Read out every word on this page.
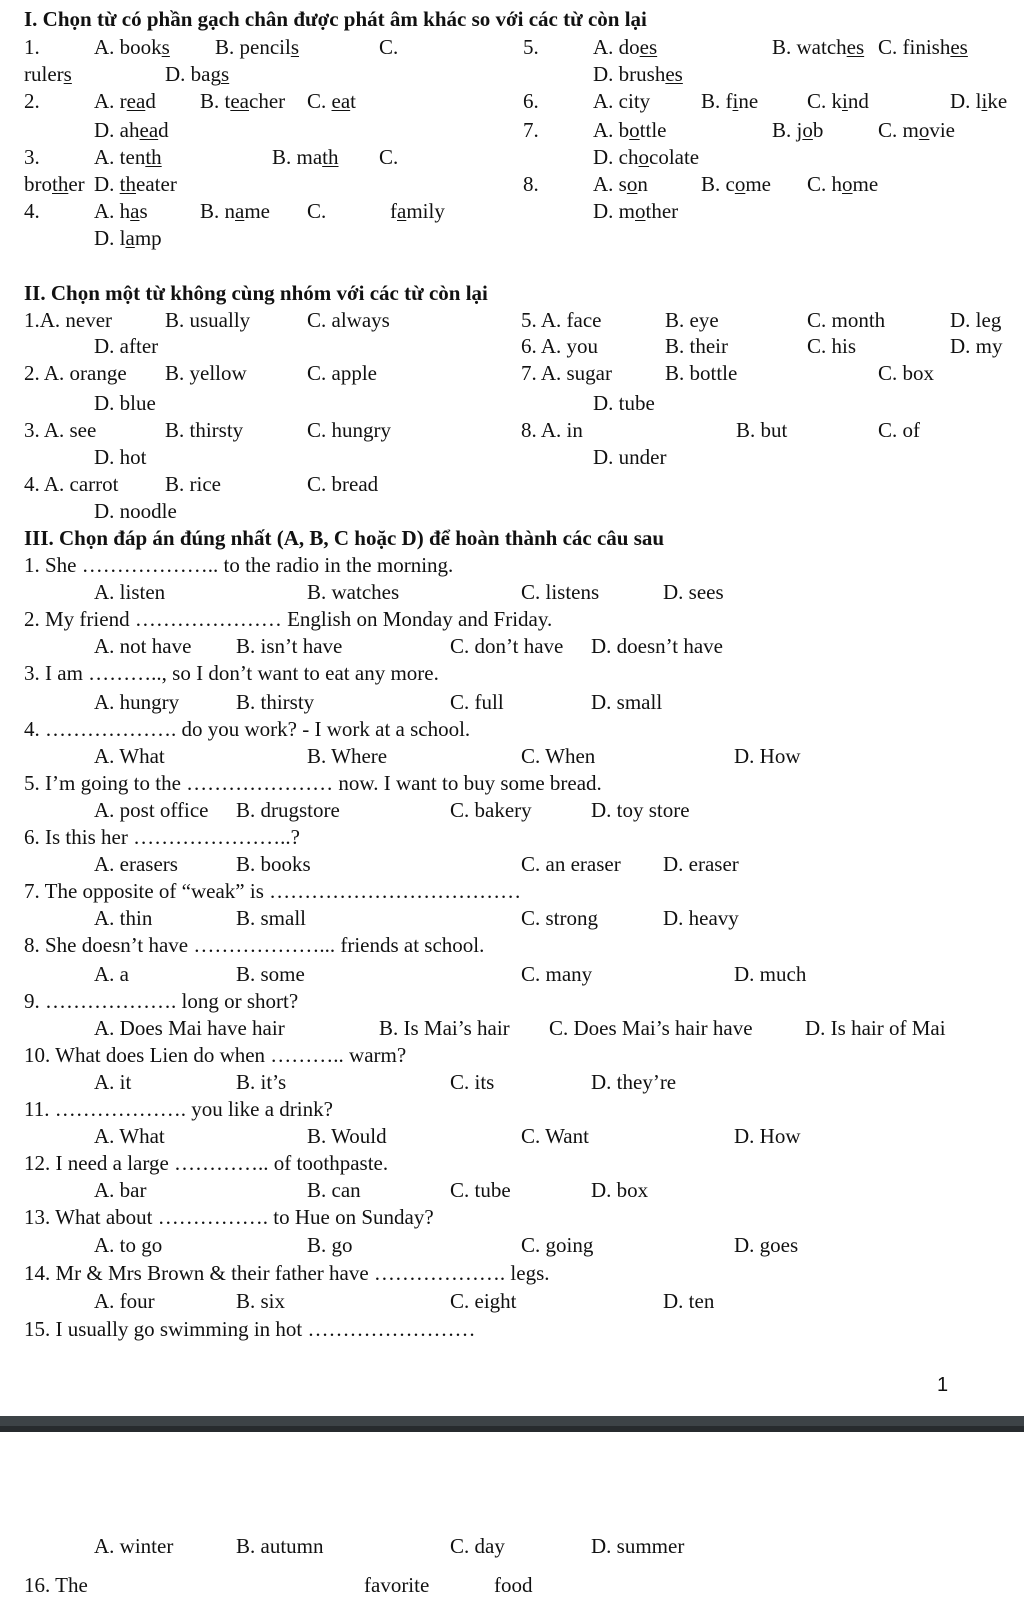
I. Chọn từ có phần gạch chân được phát âm khác so với các từ còn lại
1.	A. books B. pencils	C.	5.	A. does	B. watches C. finishes
rulers	D. bags	D. brushes
2.	A. read B. teacher C. eat	6.	A. city B. fine C. kind	D. like
D. ahead	7.	A. bottle	B. job	C. movie
3.	A. tenth	B. math C.	D. chocolate
brother D. theater	8.	A. son	B. come C. home
4.	A. has B. name C.	family	D. mother
D. lamp
II. Chọn một từ không cùng nhóm với các từ còn lại
1.A. never	B. usually	C. always	5. A. face	B. eye	C. month	D. leg
D. after	6. A. you	B. their	C. his	D. my
2. A. orange B. yellow	C. apple	7. A. sugar	B. bottle	C. box
D. blue	D. tube
3. A. see	B. thirsty	C. hungry	8. A. in	B. but	C. of
D. hot	D. under
4. A. carrot B. rice	C. bread
D. noodle
III. Chọn đáp án đúng nhất (A, B, C hoặc D) để hoàn thành các câu sau
1. She ……………….. to the radio in the morning.
A. listen	B. watches	C. listens	D. sees
2. My friend ………………… English on Monday and Friday.
A. not have B. isn’t have	C. don’t have D. doesn’t have
3. I am ……….., so I don’t want to eat any more.
A. hungry	B. thirsty	C. full	D. small
4. ………………. do you work? - I work at a school.
A. What	B. Where	C. When	D. How
5. I’m going to the ………………… now. I want to buy some bread.
A. post office B. drugstore	C. bakery	D. toy store
6. Is this her …………………..?
A. erasers	B. books	C. an eraser D. eraser
7. The opposite of “weak” is ………………………………
A. thin	B. small	C. strong	D. heavy
8. She doesn’t have ………………... friends at school.
A. a	B. some	C. many	D. much
9. ………………. long or short?
A. Does Mai have hair	B. Is Mai’s hair C. Does Mai’s hair have D. Is hair of Mai
10. What does Lien do when ……….. warm?
A. it	B. it’s	C. its	D. they’re
11. ………………. you like a drink?
A. What	B. Would	C. Want	D. How
12. I need a large ………….. of toothpaste.
A. bar	B. can	C. tube	D. box
13. What about ……………. to Hue on Sunday?
A. to go	B. go	C. going	D. goes
14. Mr & Mrs Brown & their father have ………………. legs.
A. four	B. six	C. eight	D. ten
15. I usually go swimming in hot ……………………
1
A. winter	B. autumn	C. day	D. summer
16. The	favorite	food
